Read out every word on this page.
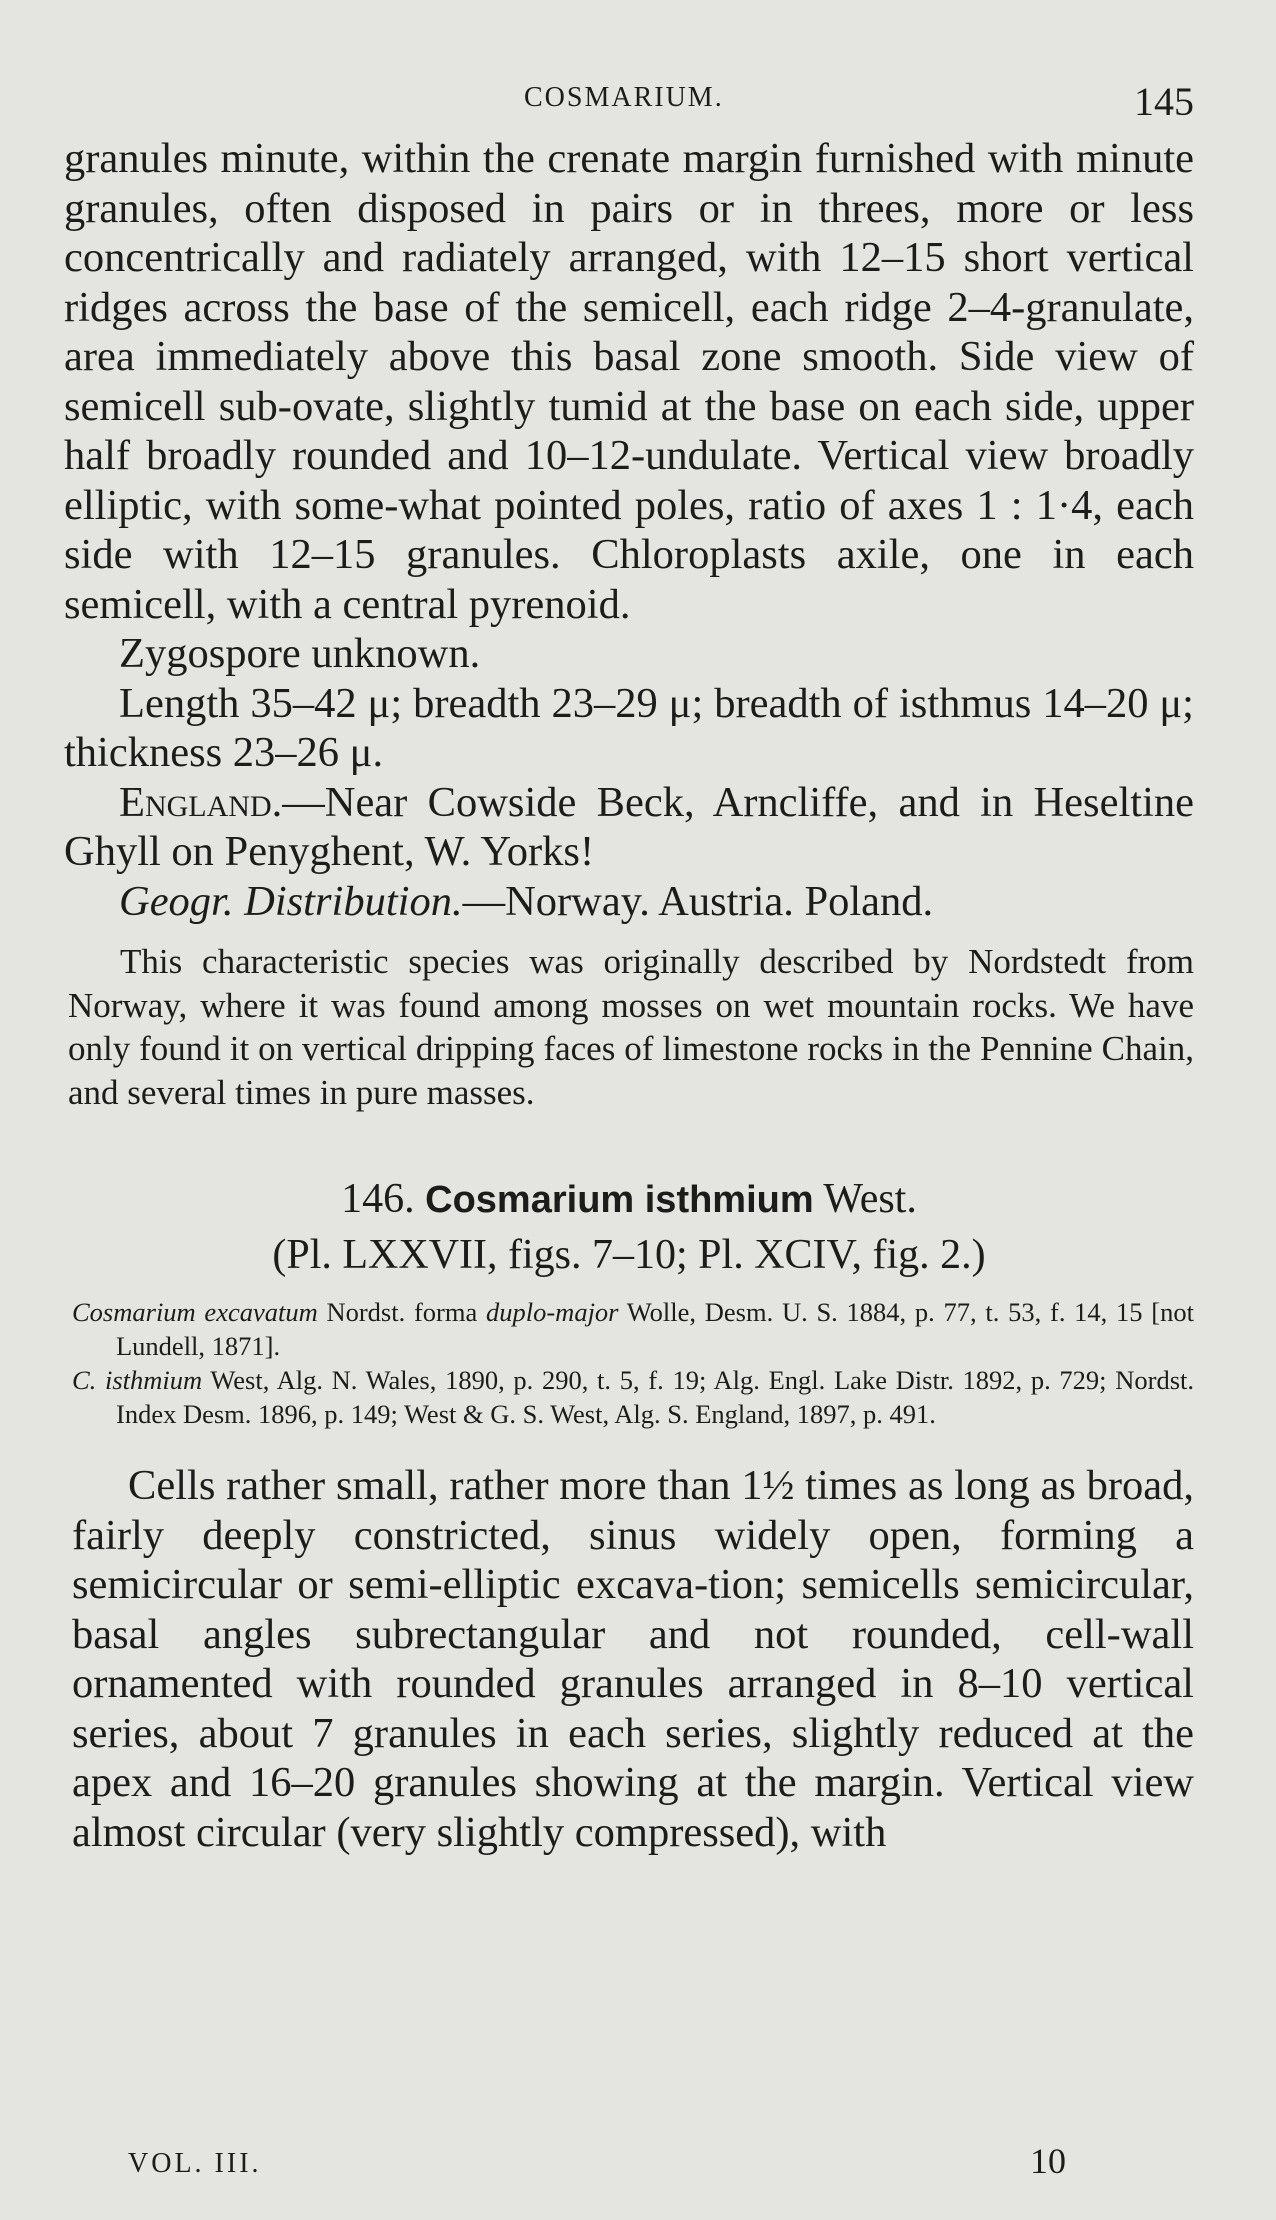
COSMARIUM.	145

granules minute, within the crenate margin furnished with minute granules, often disposed in pairs or in threes, more or less concentrically and radiately arranged, with 12–15 short vertical ridges across the base of the semicell, each ridge 2–4-granulate, area immediately above this basal zone smooth. Side view of semicell sub-ovate, slightly tumid at the base on each side, upper half broadly rounded and 10–12-undulate. Vertical view broadly elliptic, with some-what pointed poles, ratio of axes 1 : 1·4, each side with 12–15 granules. Chloroplasts axile, one in each semicell, with a central pyrenoid.

Zygospore unknown.

Length 35–42 μ; breadth 23–29 μ; breadth of isthmus 14–20 μ; thickness 23–26 μ.

England.—Near Cowside Beck, Arncliffe, and in Heseltine Ghyll on Penyghent, W. Yorks!

Geogr. Distribution.—Norway. Austria. Poland.

This characteristic species was originally described by Nordstedt from Norway, where it was found among mosses on wet mountain rocks. We have only found it on vertical dripping faces of limestone rocks in the Pennine Chain, and several times in pure masses.

146. Cosmarium isthmium West.

(Pl. LXXVII, figs. 7–10; Pl. XCIV, fig. 2.)

Cosmarium excavatum Nordst. forma duplo-major Wolle, Desm. U. S. 1884, p. 77, t. 53, f. 14, 15 [not Lundell, 1871].

C. isthmium West, Alg. N. Wales, 1890, p. 290, t. 5, f. 19; Alg. Engl. Lake Distr. 1892, p. 729; Nordst. Index Desm. 1896, p. 149; West & G. S. West, Alg. S. England, 1897, p. 491.

Cells rather small, rather more than 1½ times as long as broad, fairly deeply constricted, sinus widely open, forming a semicircular or semi-elliptic excava-tion; semicells semicircular, basal angles subrectangular and not rounded, cell-wall ornamented with rounded granules arranged in 8–10 vertical series, about 7 granules in each series, slightly reduced at the apex and 16–20 granules showing at the margin. Vertical view almost circular (very slightly compressed), with

VOL. III.	10
